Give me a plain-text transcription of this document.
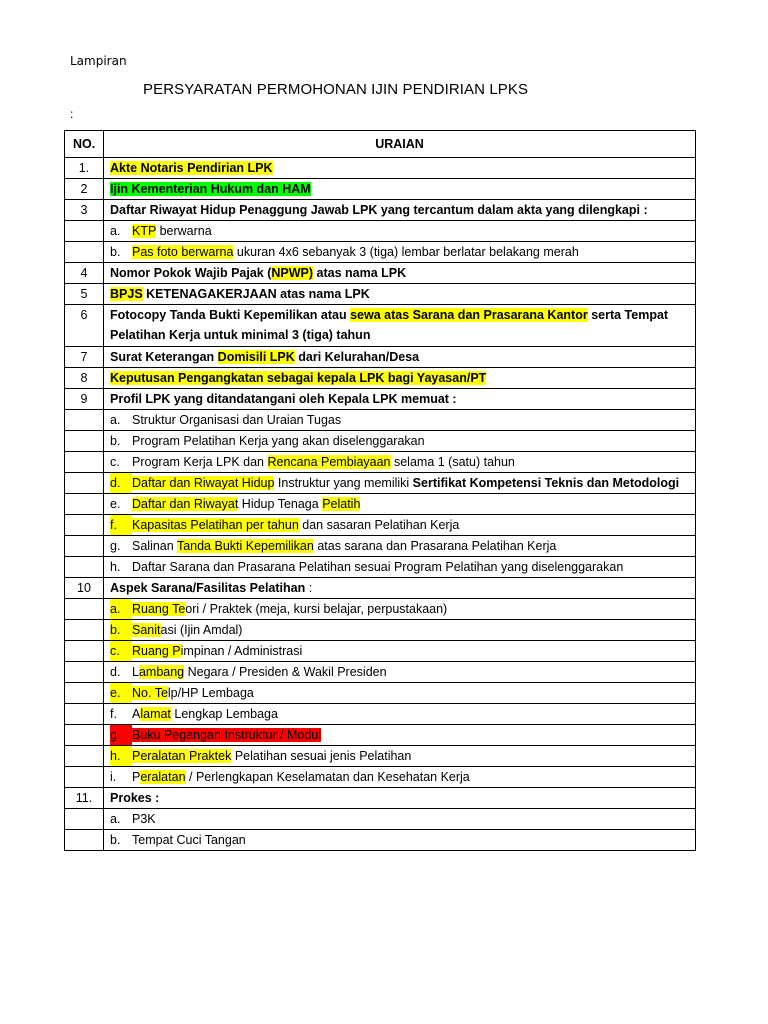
Lampiran
PERSYARATAN PERMOHONAN IJIN PENDIRIAN LPKS
:
NO.	URAIAN
1.	Akte Notaris Pendirian LPK
2	Ijin Kementerian Hukum dan HAM
3	Daftar Riwayat Hidup Penaggung Jawab LPK yang tercantum dalam akta yang dilengkapi :
	a. KTP berwarna
	b. Pas foto berwarna ukuran 4x6 sebanyak 3 (tiga) lembar berlatar belakang merah
4	Nomor Pokok Wajib Pajak (NPWP) atas nama LPK
5	BPJS KETENAGAKERJAAN atas nama LPK
6	Fotocopy Tanda Bukti Kepemilikan atau sewa atas Sarana dan Prasarana Kantor serta Tempat Pelatihan Kerja untuk minimal 3 (tiga) tahun
7	Surat Keterangan Domisili LPK dari Kelurahan/Desa
8	Keputusan Pengangkatan sebagai kepala LPK bagi Yayasan/PT
9	Profil LPK yang ditandatangani oleh Kepala LPK memuat :
	a. Struktur Organisasi dan Uraian Tugas
	b. Program Pelatihan Kerja yang akan diselenggarakan
	c. Program Kerja LPK dan Rencana Pembiayaan selama 1 (satu) tahun
	d. Daftar dan Riwayat Hidup Instruktur yang memiliki Sertifikat Kompetensi Teknis dan Metodologi
	e. Daftar dan Riwayat Hidup Tenaga Pelatih
	f. Kapasitas Pelatihan per tahun dan sasaran Pelatihan Kerja
	g. Salinan Tanda Bukti Kepemilikan atas sarana dan Prasarana Pelatihan Kerja
	h. Daftar Sarana dan Prasarana Pelatihan sesuai Program Pelatihan yang diselenggarakan
10	Aspek Sarana/Fasilitas Pelatihan :
	a. Ruang Teori / Praktek (meja, kursi belajar, perpustakaan)
	b. Sanitasi (Ijin Amdal)
	c. Ruang Pimpinan / Administrasi
	d. Lambang Negara / Presiden & Wakil Presiden
	e. No. Telp/HP Lembaga
	f. Alamat Lengkap Lembaga
	g. Buku Pegangan Instruktur / Modul
	h. Peralatan Praktek Pelatihan sesuai jenis Pelatihan
	i. Peralatan / Perlengkapan Keselamatan dan Kesehatan Kerja
11.	Prokes :
	a. P3K
	b. Tempat Cuci Tangan
